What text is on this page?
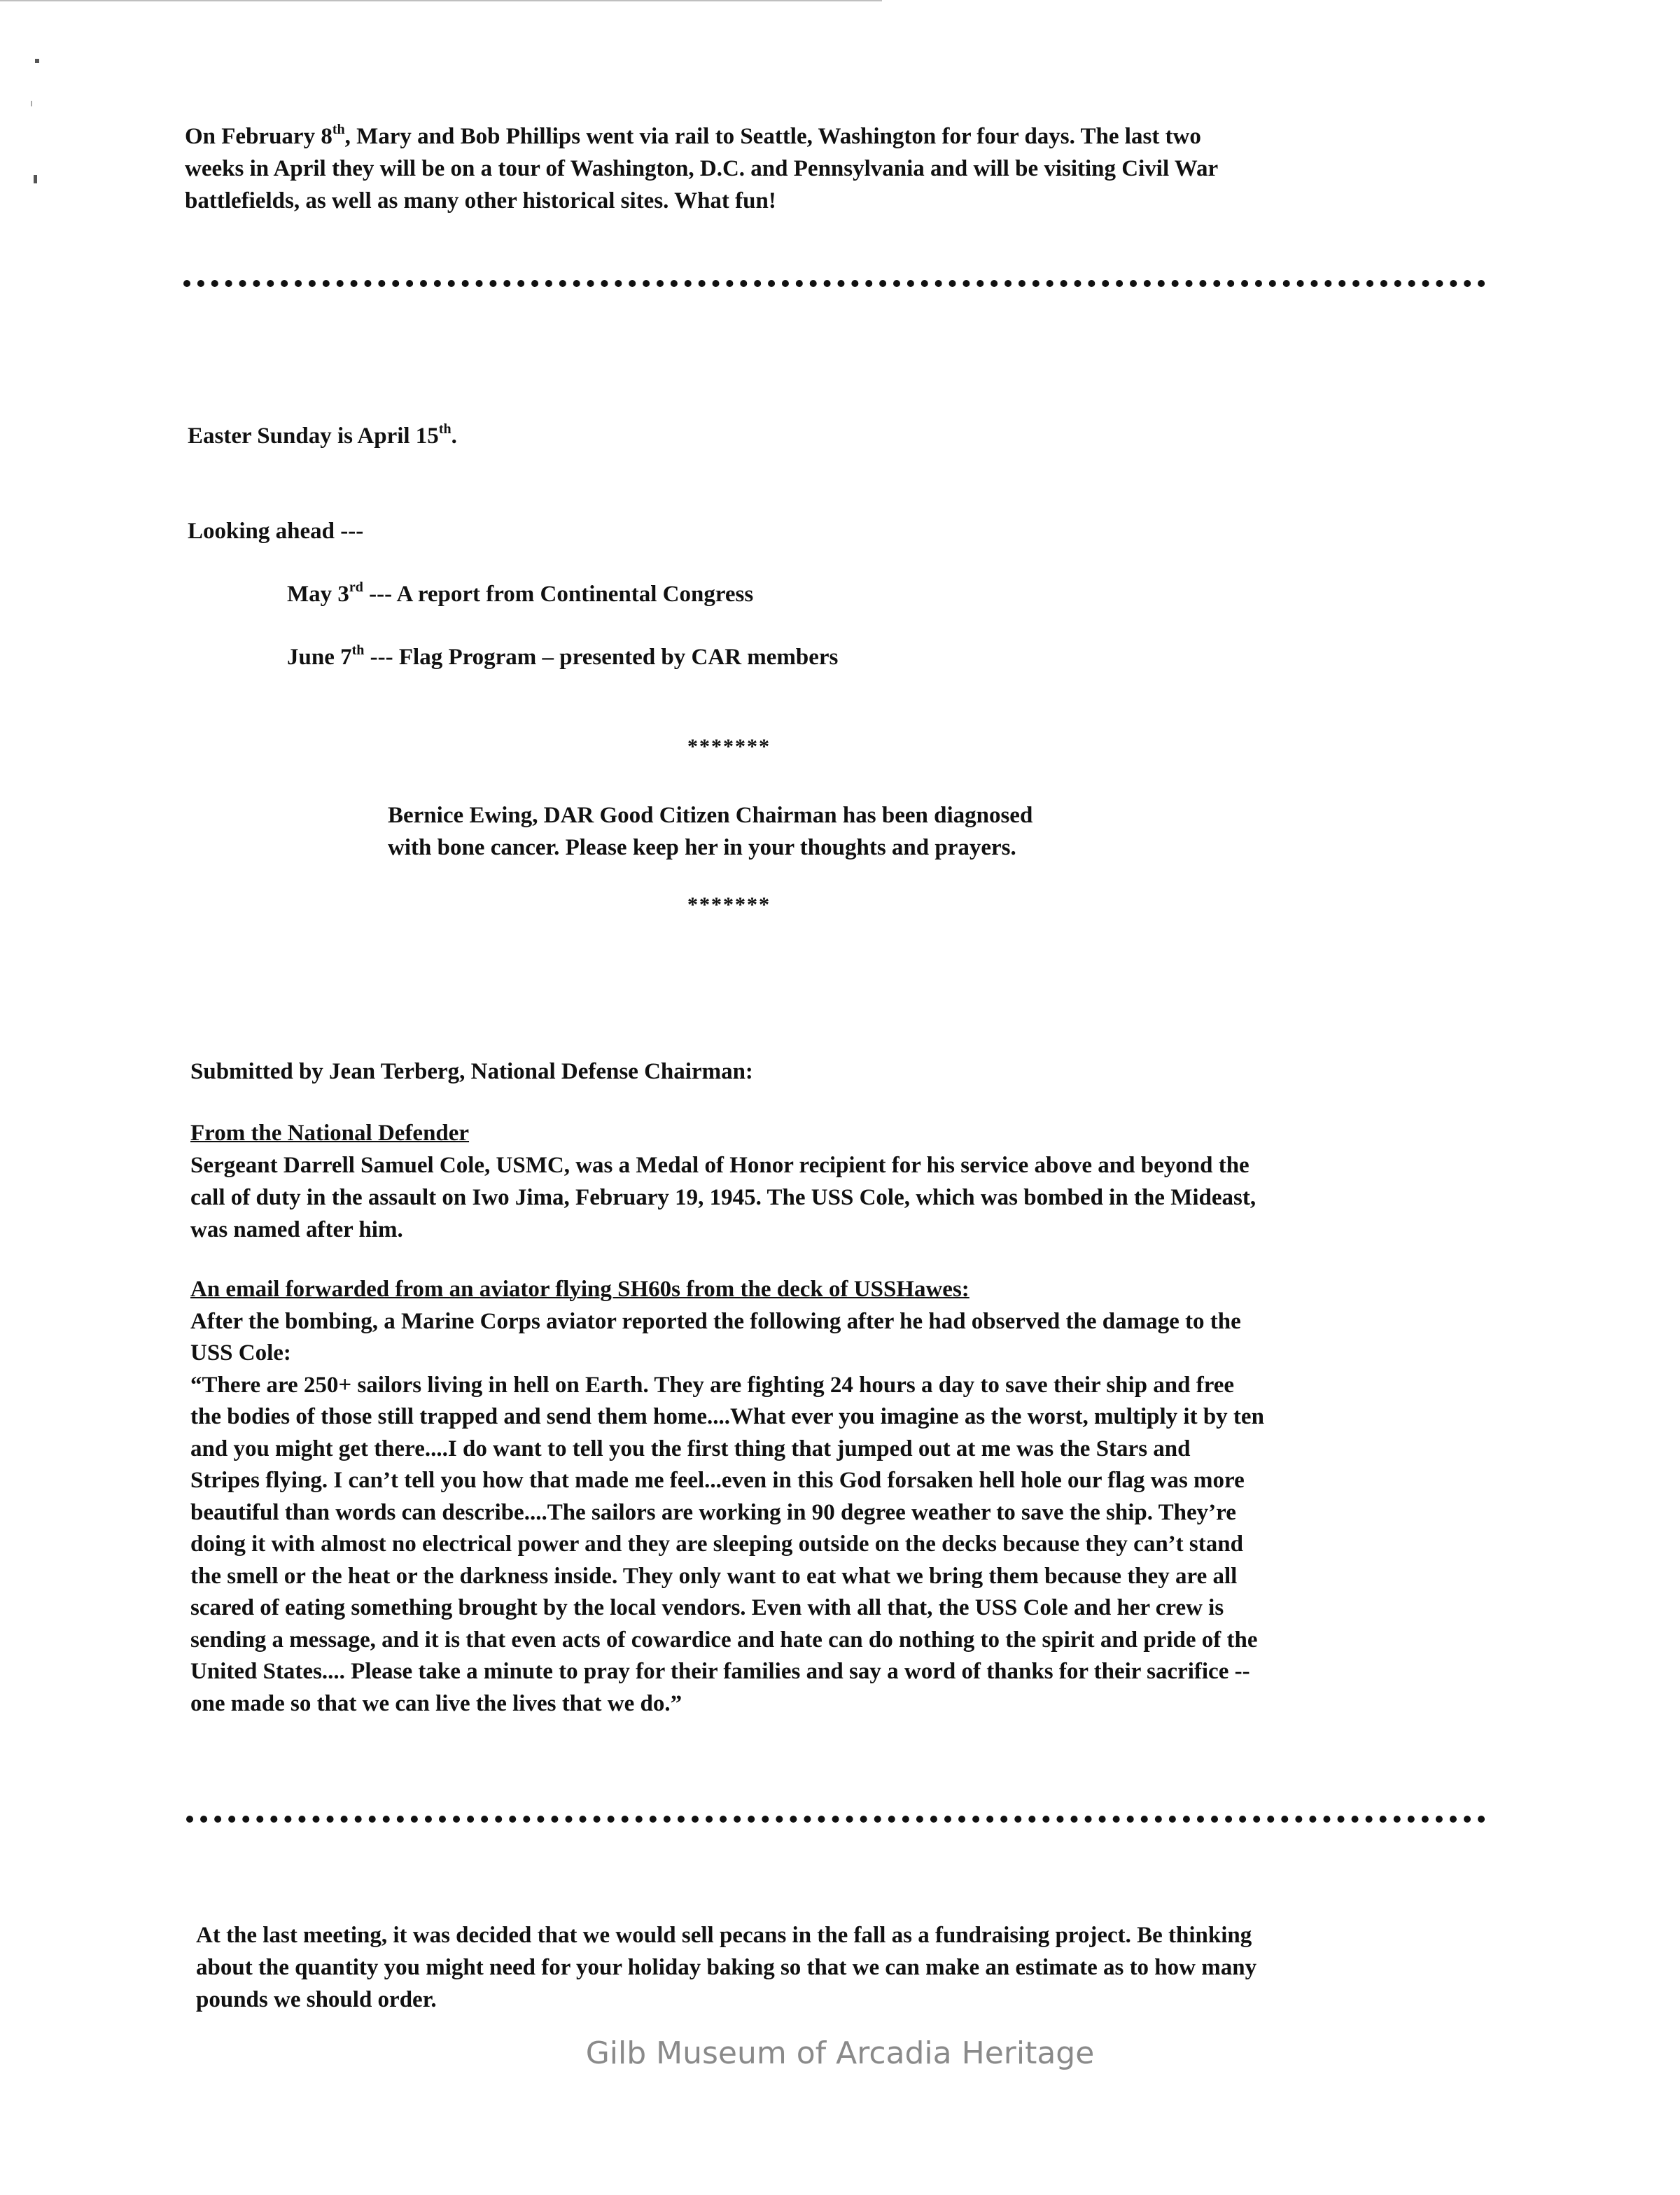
On February 8th, Mary and Bob Phillips went via rail to Seattle, Washington for four days. The last two
weeks in April they will be on a tour of Washington, D.C. and Pennsylvania and will be visiting Civil War
battlefields, as well as many other historical sites. What fun!
Easter Sunday is April 15th.
Looking ahead ---
May 3rd --- A report from Continental Congress
June 7th --- Flag Program – presented by CAR members
*******
Bernice Ewing, DAR Good Citizen Chairman has been diagnosed
with bone cancer. Please keep her in your thoughts and prayers.
*******
Submitted by Jean Terberg, National Defense Chairman:
From the National Defender
Sergeant Darrell Samuel Cole, USMC, was a Medal of Honor recipient for his service above and beyond the
call of duty in the assault on Iwo Jima, February 19, 1945. The USS Cole, which was bombed in the Mideast,
was named after him.
An email forwarded from an aviator flying SH60s from the deck of USSHawes:
After the bombing, a Marine Corps aviator reported the following after he had observed the damage to the
USS Cole:
“There are 250+ sailors living in hell on Earth. They are fighting 24 hours a day to save their ship and free
the bodies of those still trapped and send them home....What ever you imagine as the worst, multiply it by ten
and you might get there....I do want to tell you the first thing that jumped out at me was the Stars and
Stripes flying. I can’t tell you how that made me feel...even in this God forsaken hell hole our flag was more
beautiful than words can describe....The sailors are working in 90 degree weather to save the ship. They’re
doing it with almost no electrical power and they are sleeping outside on the decks because they can’t stand
the smell or the heat or the darkness inside. They only want to eat what we bring them because they are all
scared of eating something brought by the local vendors. Even with all that, the USS Cole and her crew is
sending a message, and it is that even acts of cowardice and hate can do nothing to the spirit and pride of the
United States.... Please take a minute to pray for their families and say a word of thanks for their sacrifice --
one made so that we can live the lives that we do.”
At the last meeting, it was decided that we would sell pecans in the fall as a fundraising project. Be thinking
about the quantity you might need for your holiday baking so that we can make an estimate as to how many
pounds we should order.
Gilb Museum of Arcadia Heritage
